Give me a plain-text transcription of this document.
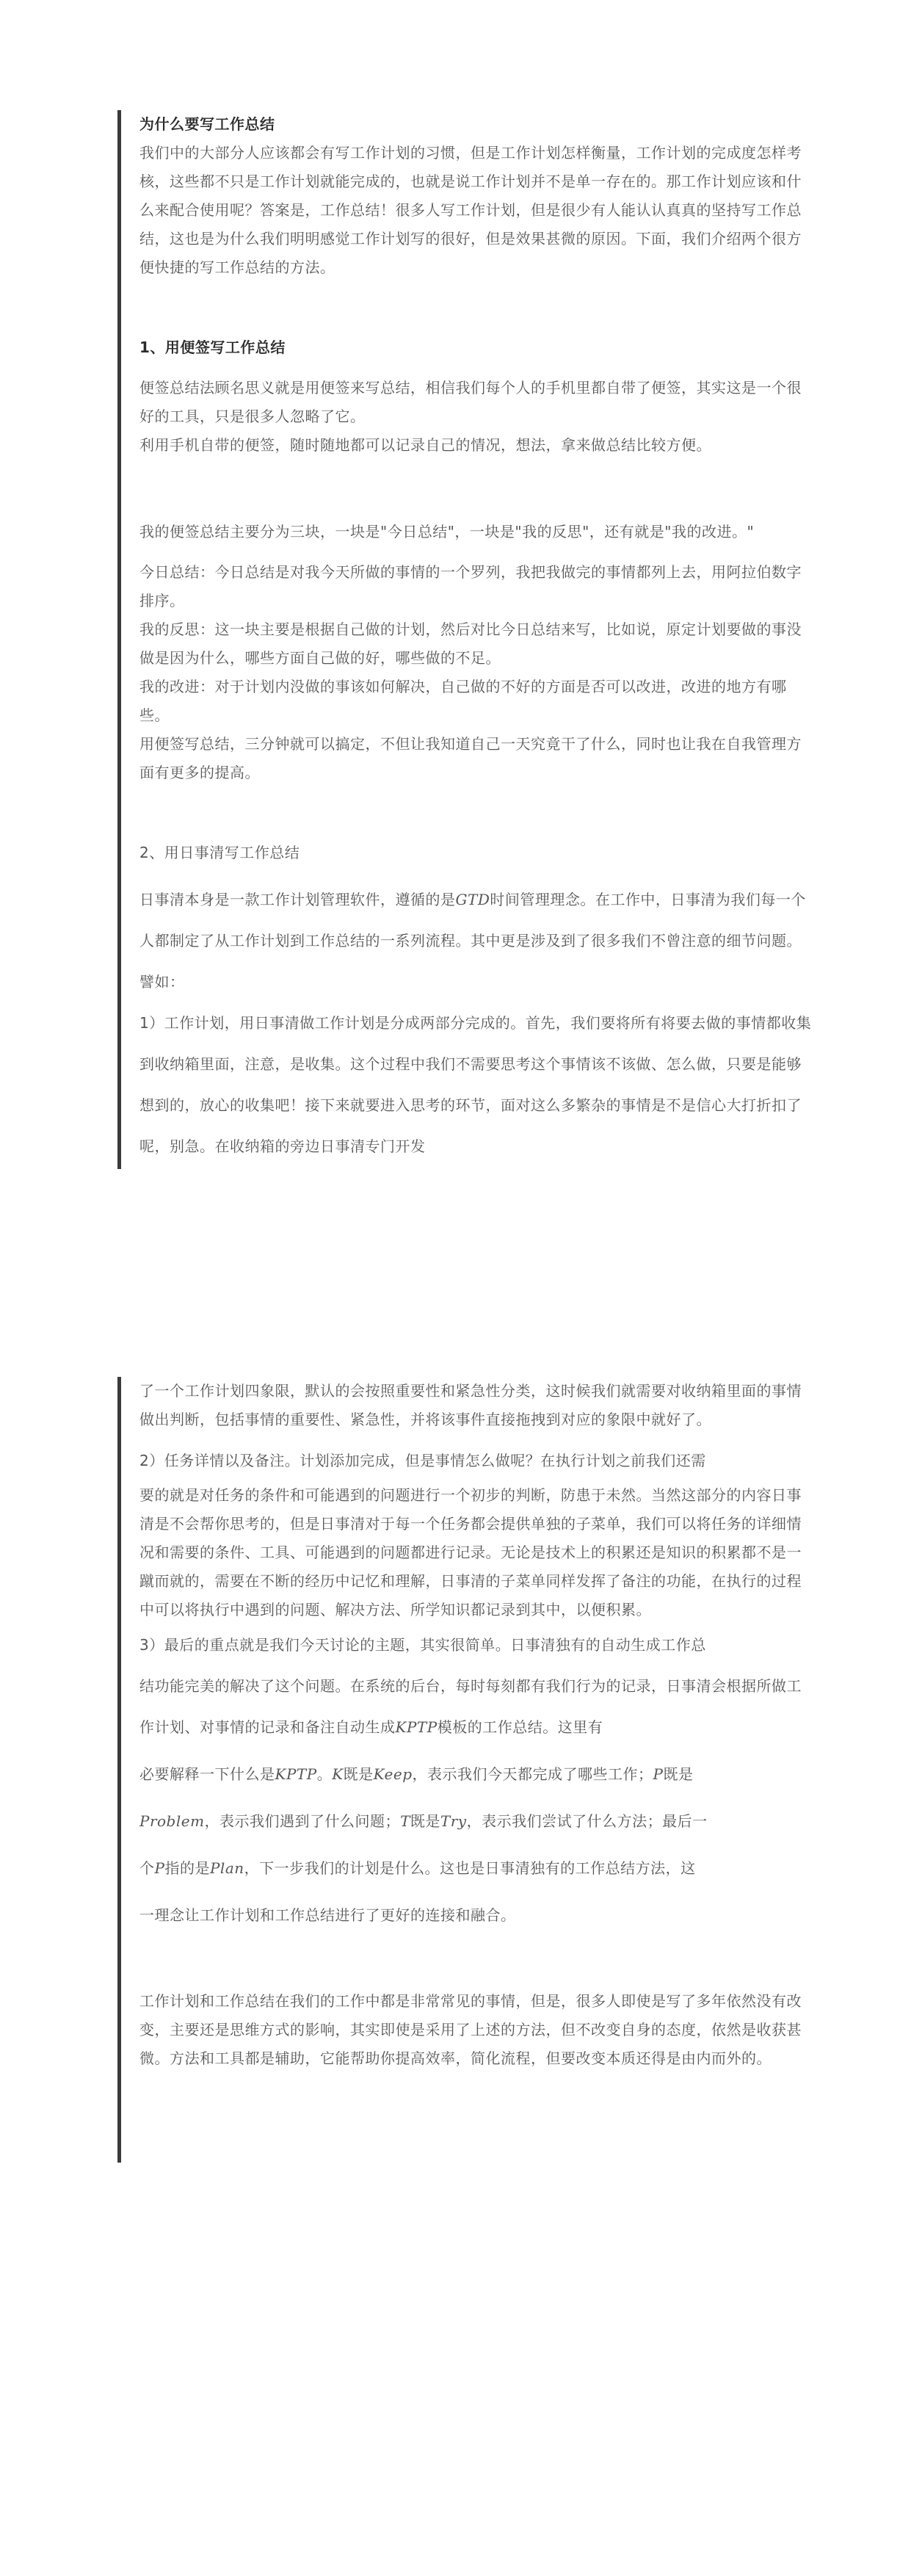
为什么要写工作总结

我们中的大部分人应该都会有写工作计划的习惯，但是工作计划怎样衡量，工作计划的完成度怎样考核，这些都不只是工作计划就能完成的，也就是说工作计划并不是单一存在的。那工作计划应该和什么来配合使用呢？答案是，工作总结！很多人写工作计划，但是很少有人能认认真真的坚持写工作总结，这也是为什么我们明明感觉工作计划写的很好，但是效果甚微的原因。下面，我们介绍两个很方便快捷的写工作总结的方法。

1、用便签写工作总结

便签总结法顾名思义就是用便签来写总结，相信我们每个人的手机里都自带了便签，其实这是一个很好的工具，只是很多人忽略了它。

利用手机自带的便签，随时随地都可以记录自己的情况，想法，拿来做总结比较方便。

我的便签总结主要分为三块，一块是"今日总结"，一块是"我的反思"，还有就是"我的改进。"

今日总结：今日总结是对我今天所做的事情的一个罗列，我把我做完的事情都列上去，用阿拉伯数字排序。

我的反思：这一块主要是根据自己做的计划，然后对比今日总结来写，比如说，原定计划要做的事没做是因为什么，哪些方面自己做的好，哪些做的不足。

我的改进：对于计划内没做的事该如何解决，自己做的不好的方面是否可以改进，改进的地方有哪些。

用便签写总结，三分钟就可以搞定，不但让我知道自己一天究竟干了什么，同时也让我在自我管理方面有更多的提高。

2、用日事清写工作总结

日事清本身是一款工作计划管理软件，遵循的是GTD时间管理理念。在工作中，日事清为我们每一个人都制定了从工作计划到工作总结的一系列流程。其中更是涉及到了很多我们不曾注意的细节问题。譬如：

1）工作计划，用日事清做工作计划是分成两部分完成的。首先，我们要将所有将要去做的事情都收集到收纳箱里面，注意，是收集。这个过程中我们不需要思考这个事情该不该做、怎么做，只要是能够想到的，放心的收集吧！接下来就要进入思考的环节，面对这么多繁杂的事情是不是信心大打折扣了呢，别急。在收纳箱的旁边日事清专门开发

了一个工作计划四象限，默认的会按照重要性和紧急性分类，这时候我们就需要对收纳箱里面的事情做出判断，包括事情的重要性、紧急性，并将该事件直接拖拽到对应的象限中就好了。

2）任务详情以及备注。计划添加完成，但是事情怎么做呢？在执行计划之前我们还需

要的就是对任务的条件和可能遇到的问题进行一个初步的判断，防患于未然。当然这部分的内容日事清是不会帮你思考的，但是日事清对于每一个任务都会提供单独的子菜单，我们可以将任务的详细情况和需要的条件、工具、可能遇到的问题都进行记录。无论是技术上的积累还是知识的积累都不是一蹴而就的，需要在不断的经历中记忆和理解，日事清的子菜单同样发挥了备注的功能，在执行的过程中可以将执行中遇到的问题、解决方法、所学知识都记录到其中，以便积累。

3）最后的重点就是我们今天讨论的主题，其实很简单。日事清独有的自动生成工作总

结功能完美的解决了这个问题。在系统的后台，每时每刻都有我们行为的记录，日事清会根据所做工作计划、对事情的记录和备注自动生成KPTP模板的工作总结。这里有

必要解释一下什么是KPTP。K既是Keep，表示我们今天都完成了哪些工作；P既是

Problem，表示我们遇到了什么问题；T既是Try，表示我们尝试了什么方法；最后一

个P指的是Plan，下一步我们的计划是什么。这也是日事清独有的工作总结方法，这

一理念让工作计划和工作总结进行了更好的连接和融合。

工作计划和工作总结在我们的工作中都是非常常见的事情，但是，很多人即使是写了多年依然没有改变，主要还是思维方式的影响，其实即使是采用了上述的方法，但不改变自身的态度，依然是收获甚微。方法和工具都是辅助，它能帮助你提高效率，简化流程，但要改变本质还得是由内而外的。
